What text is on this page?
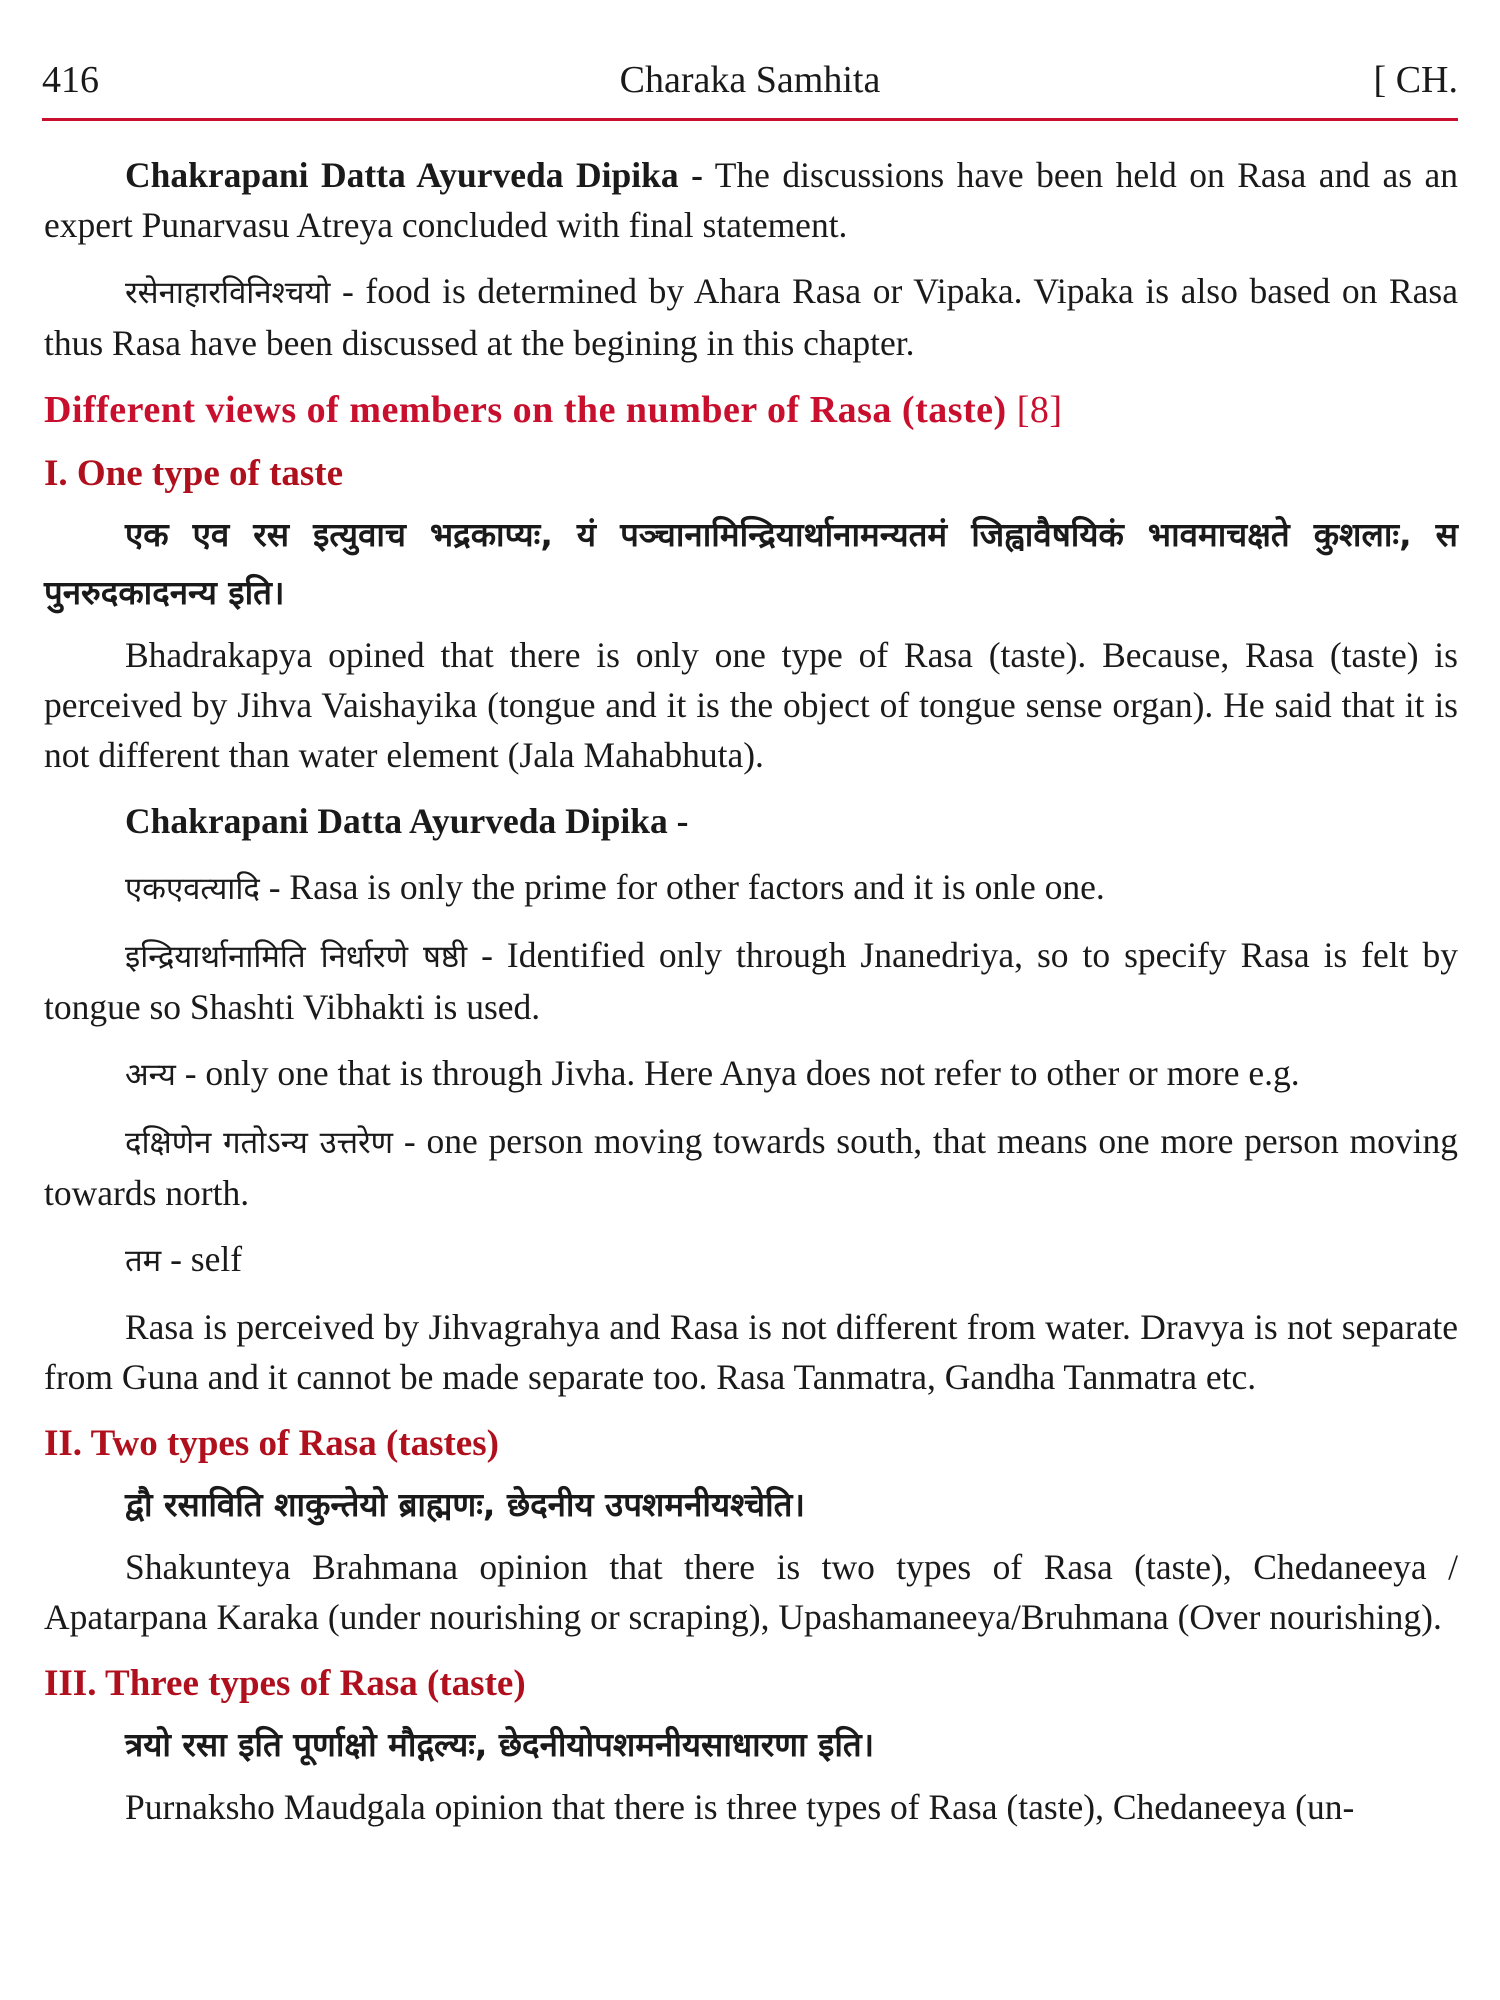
416	Charaka Samhita	[ CH.

Chakrapani Datta Ayurveda Dipika - The discussions have been held on Rasa and as an expert Punarvasu Atreya concluded with final statement.

रसेनाहारविनिश्चयो - food is determined by Ahara Rasa or Vipaka. Vipaka is also based on Rasa thus Rasa have been discussed at the begining in this chapter.

Different views of members on the number of Rasa (taste) [8]
I. One type of taste
एक एव रस इत्युवाच भद्रकाप्यः, यं पञ्चानामिन्द्रियार्थानामन्यतमं जिह्वावैषयिकं भावमाचक्षते कुशलाः, स पुनरुदकादनन्य इति।

Bhadrakapya opined that there is only one type of Rasa (taste). Because, Rasa (taste) is perceived by Jihva Vaishayika (tongue and it is the object of tongue sense organ). He said that it is not different than water element (Jala Mahabhuta).

Chakrapani Datta Ayurveda Dipika -

एकएवत्यादि - Rasa is only the prime for other factors and it is onle one.

इन्द्रियार्थानामिति निर्धारणे षष्ठी - Identified only through Jnanedriya, so to specify Rasa is felt by tongue so Shashti Vibhakti is used.

अन्य - only one that is through Jivha. Here Anya does not refer to other or more e.g.

दक्षिणेन गतोऽन्य उत्तरेण - one person moving towards south, that means one more person moving towards north.

तम - self

Rasa is perceived by Jihvagrahya and Rasa is not different from water. Dravya is not separate from Guna and it cannot be made separate too. Rasa Tanmatra, Gandha Tanmatra etc.

II. Two types of Rasa (tastes)
द्वौ रसाविति शाकुन्तेयो ब्राह्मणः, छेदनीय उपशमनीयश्चेति।

Shakunteya Brahmana opinion that there is two types of Rasa (taste), Chedaneeya / Apatarpana Karaka (under nourishing or scraping), Upashamaneeya/Bruhmana (Over nourishing).

III. Three types of Rasa (taste)
त्रयो रसा इति पूर्णाक्षो मौद्गल्यः, छेदनीयोपशमनीयसाधारणा इति।

Purnaksho Maudgala opinion that there is three types of Rasa (taste), Chedaneeya (un-
